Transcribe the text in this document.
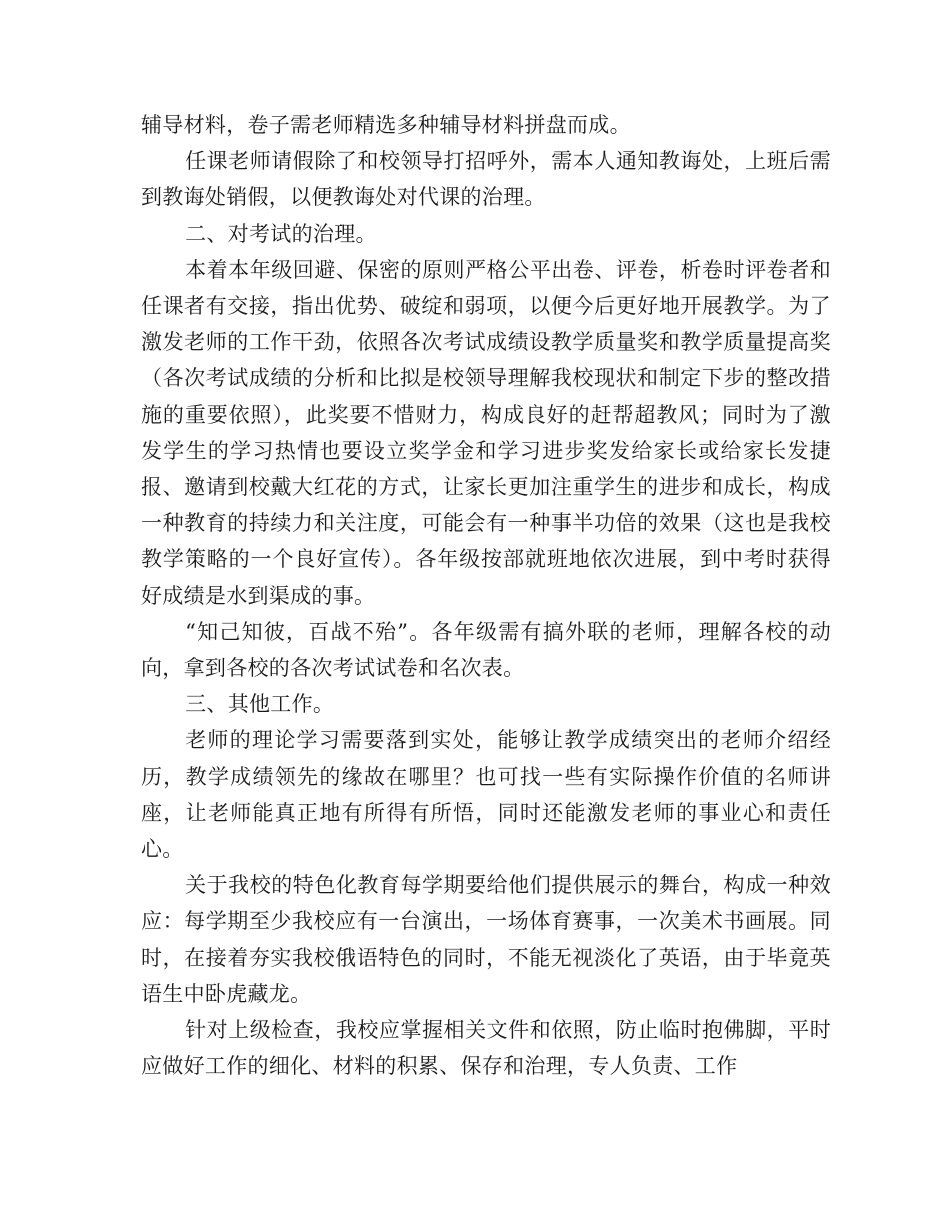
辅导材料，卷子需老师精选多种辅导材料拼盘而成。

任课老师请假除了和校领导打招呼外，需本人通知教诲处，上班后需到教诲处销假，以便教诲处对代课的治理。

二、对考试的治理。

本着本年级回避、保密的原则严格公平出卷、评卷，析卷时评卷者和任课者有交接，指出优势、破绽和弱项，以便今后更好地开展教学。为了激发老师的工作干劲，依照各次考试成绩设教学质量奖和教学质量提高奖（各次考试成绩的分析和比拟是校领导理解我校现状和制定下步的整改措施的重要依照），此奖要不惜财力，构成良好的赶帮超教风；同时为了激发学生的学习热情也要设立奖学金和学习进步奖发给家长或给家长发捷报、邀请到校戴大红花的方式，让家长更加注重学生的进步和成长，构成一种教育的持续力和关注度，可能会有一种事半功倍的效果（这也是我校教学策略的一个良好宣传）。各年级按部就班地依次进展，到中考时获得好成绩是水到渠成的事。

“知己知彼，百战不殆”。各年级需有搞外联的老师，理解各校的动向，拿到各校的各次考试试卷和名次表。

三、其他工作。

老师的理论学习需要落到实处，能够让教学成绩突出的老师介绍经历，教学成绩领先的缘故在哪里？也可找一些有实际操作价值的名师讲座，让老师能真正地有所得有所悟，同时还能激发老师的事业心和责任心。

关于我校的特色化教育每学期要给他们提供展示的舞台，构成一种效应：每学期至少我校应有一台演出，一场体育赛事，一次美术书画展。同时，在接着夯实我校俄语特色的同时，不能无视淡化了英语，由于毕竟英语生中卧虎藏龙。

针对上级检查，我校应掌握相关文件和依照，防止临时抱佛脚，平时应做好工作的细化、材料的积累、保存和治理，专人负责、工作
